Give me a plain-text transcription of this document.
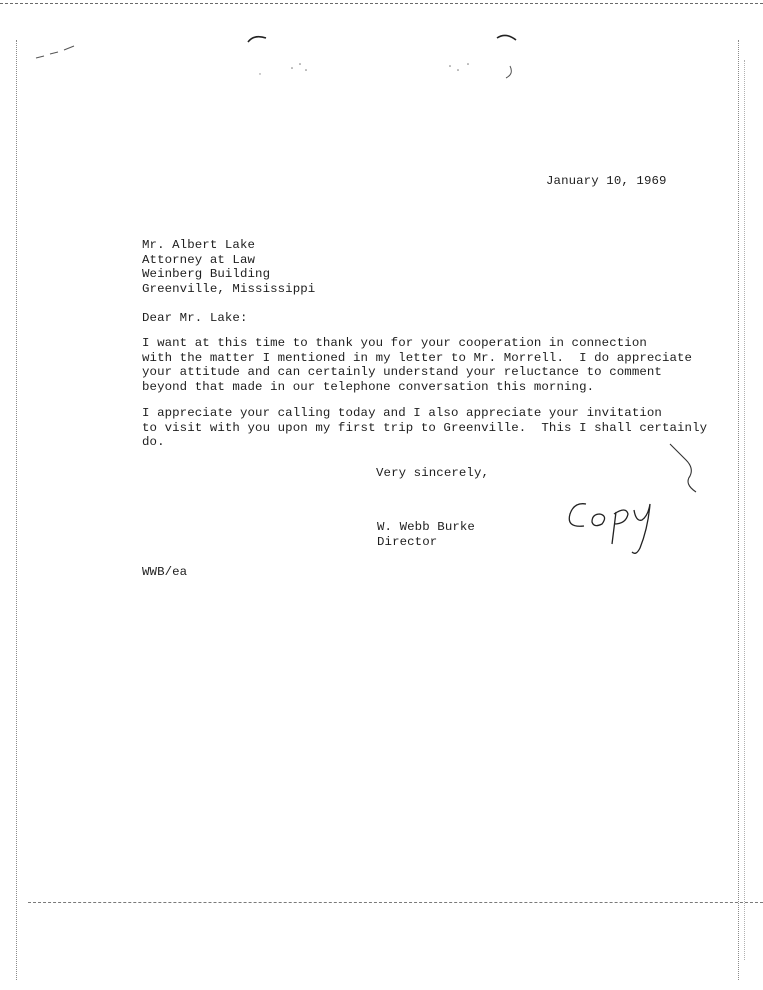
January 10, 1969
Mr. Albert Lake
Attorney at Law
Weinberg Building
Greenville, Mississippi
Dear Mr. Lake:
I want at this time to thank you for your cooperation in connection
with the matter I mentioned in my letter to Mr. Morrell.  I do appreciate
your attitude and can certainly understand your reluctance to comment
beyond that made in our telephone conversation this morning.
I appreciate your calling today and I also appreciate your invitation
to visit with you upon my first trip to Greenville.  This I shall certainly
do.
Very sincerely,
W. Webb Burke
Director
WWB/ea
